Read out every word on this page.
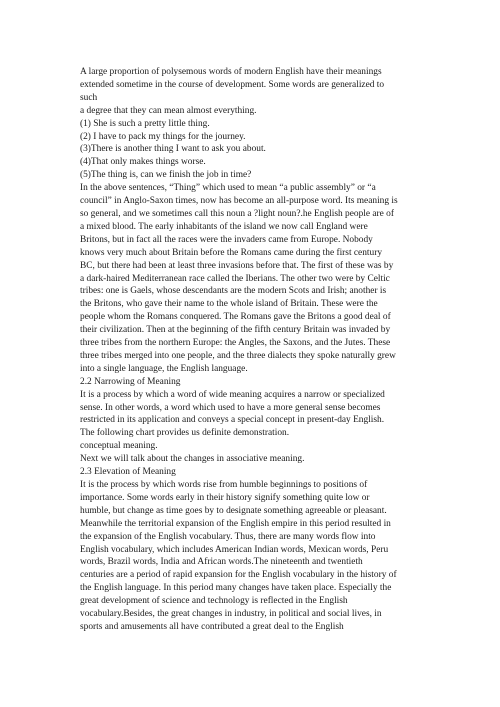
A large proportion of polysemous words of modern English have their meanings
extended sometime in the course of development. Some words are generalized to
such
a degree that they can mean almost everything.
(1) She is such a pretty little thing.
(2) I have to pack my things for the journey.
(3)There is another thing I want to ask you about.
(4)That only makes things worse.
(5)The thing is, can we finish the job in time?
In the above sentences, “Thing” which used to mean “a public assembly” or “a
council” in Anglo-Saxon times, now has become an all-purpose word. Its meaning is
so general, and we sometimes call this noun a ?light noun?.he English people are of
a mixed blood. The early inhabitants of the island we now call England were
Britons, but in fact all the races were the invaders came from Europe. Nobody
knows very much about Britain before the Romans came during the first century
BC, but there had been at least three invasions before that. The first of these was by
a dark-haired Mediterranean race called the Iberians. The other two were by Celtic
tribes: one is Gaels, whose descendants are the modern Scots and Irish; another is
the Britons, who gave their name to the whole island of Britain. These were the
people whom the Romans conquered. The Romans gave the Britons a good deal of
their civilization. Then at the beginning of the fifth century Britain was invaded by
three tribes from the northern Europe: the Angles, the Saxons, and the Jutes. These
three tribes merged into one people, and the three dialects they spoke naturally grew
into a single language, the English language.
2.2 Narrowing of Meaning
It is a process by which a word of wide meaning acquires a narrow or specialized
sense. In other words, a word which used to have a more general sense becomes
restricted in its application and conveys a special concept in present-day English.
The following chart provides us definite demonstration.
conceptual meaning.
Next we will talk about the changes in associative meaning.
2.3 Elevation of Meaning
It is the process by which words rise from humble beginnings to positions of
importance. Some words early in their history signify something quite low or
humble, but change as time goes by to designate something agreeable or pleasant.
Meanwhile the territorial expansion of the English empire in this period resulted in
the expansion of the English vocabulary. Thus, there are many words flow into
English vocabulary, which includes American Indian words, Mexican words, Peru
words, Brazil words, India and African words.The nineteenth and twentieth
centuries are a period of rapid expansion for the English vocabulary in the history of
the English language. In this period many changes have taken place. Especially the
great development of science and technology is reflected in the English
vocabulary.Besides, the great changes in industry, in political and social lives, in
sports and amusements all have contributed a great deal to the English
